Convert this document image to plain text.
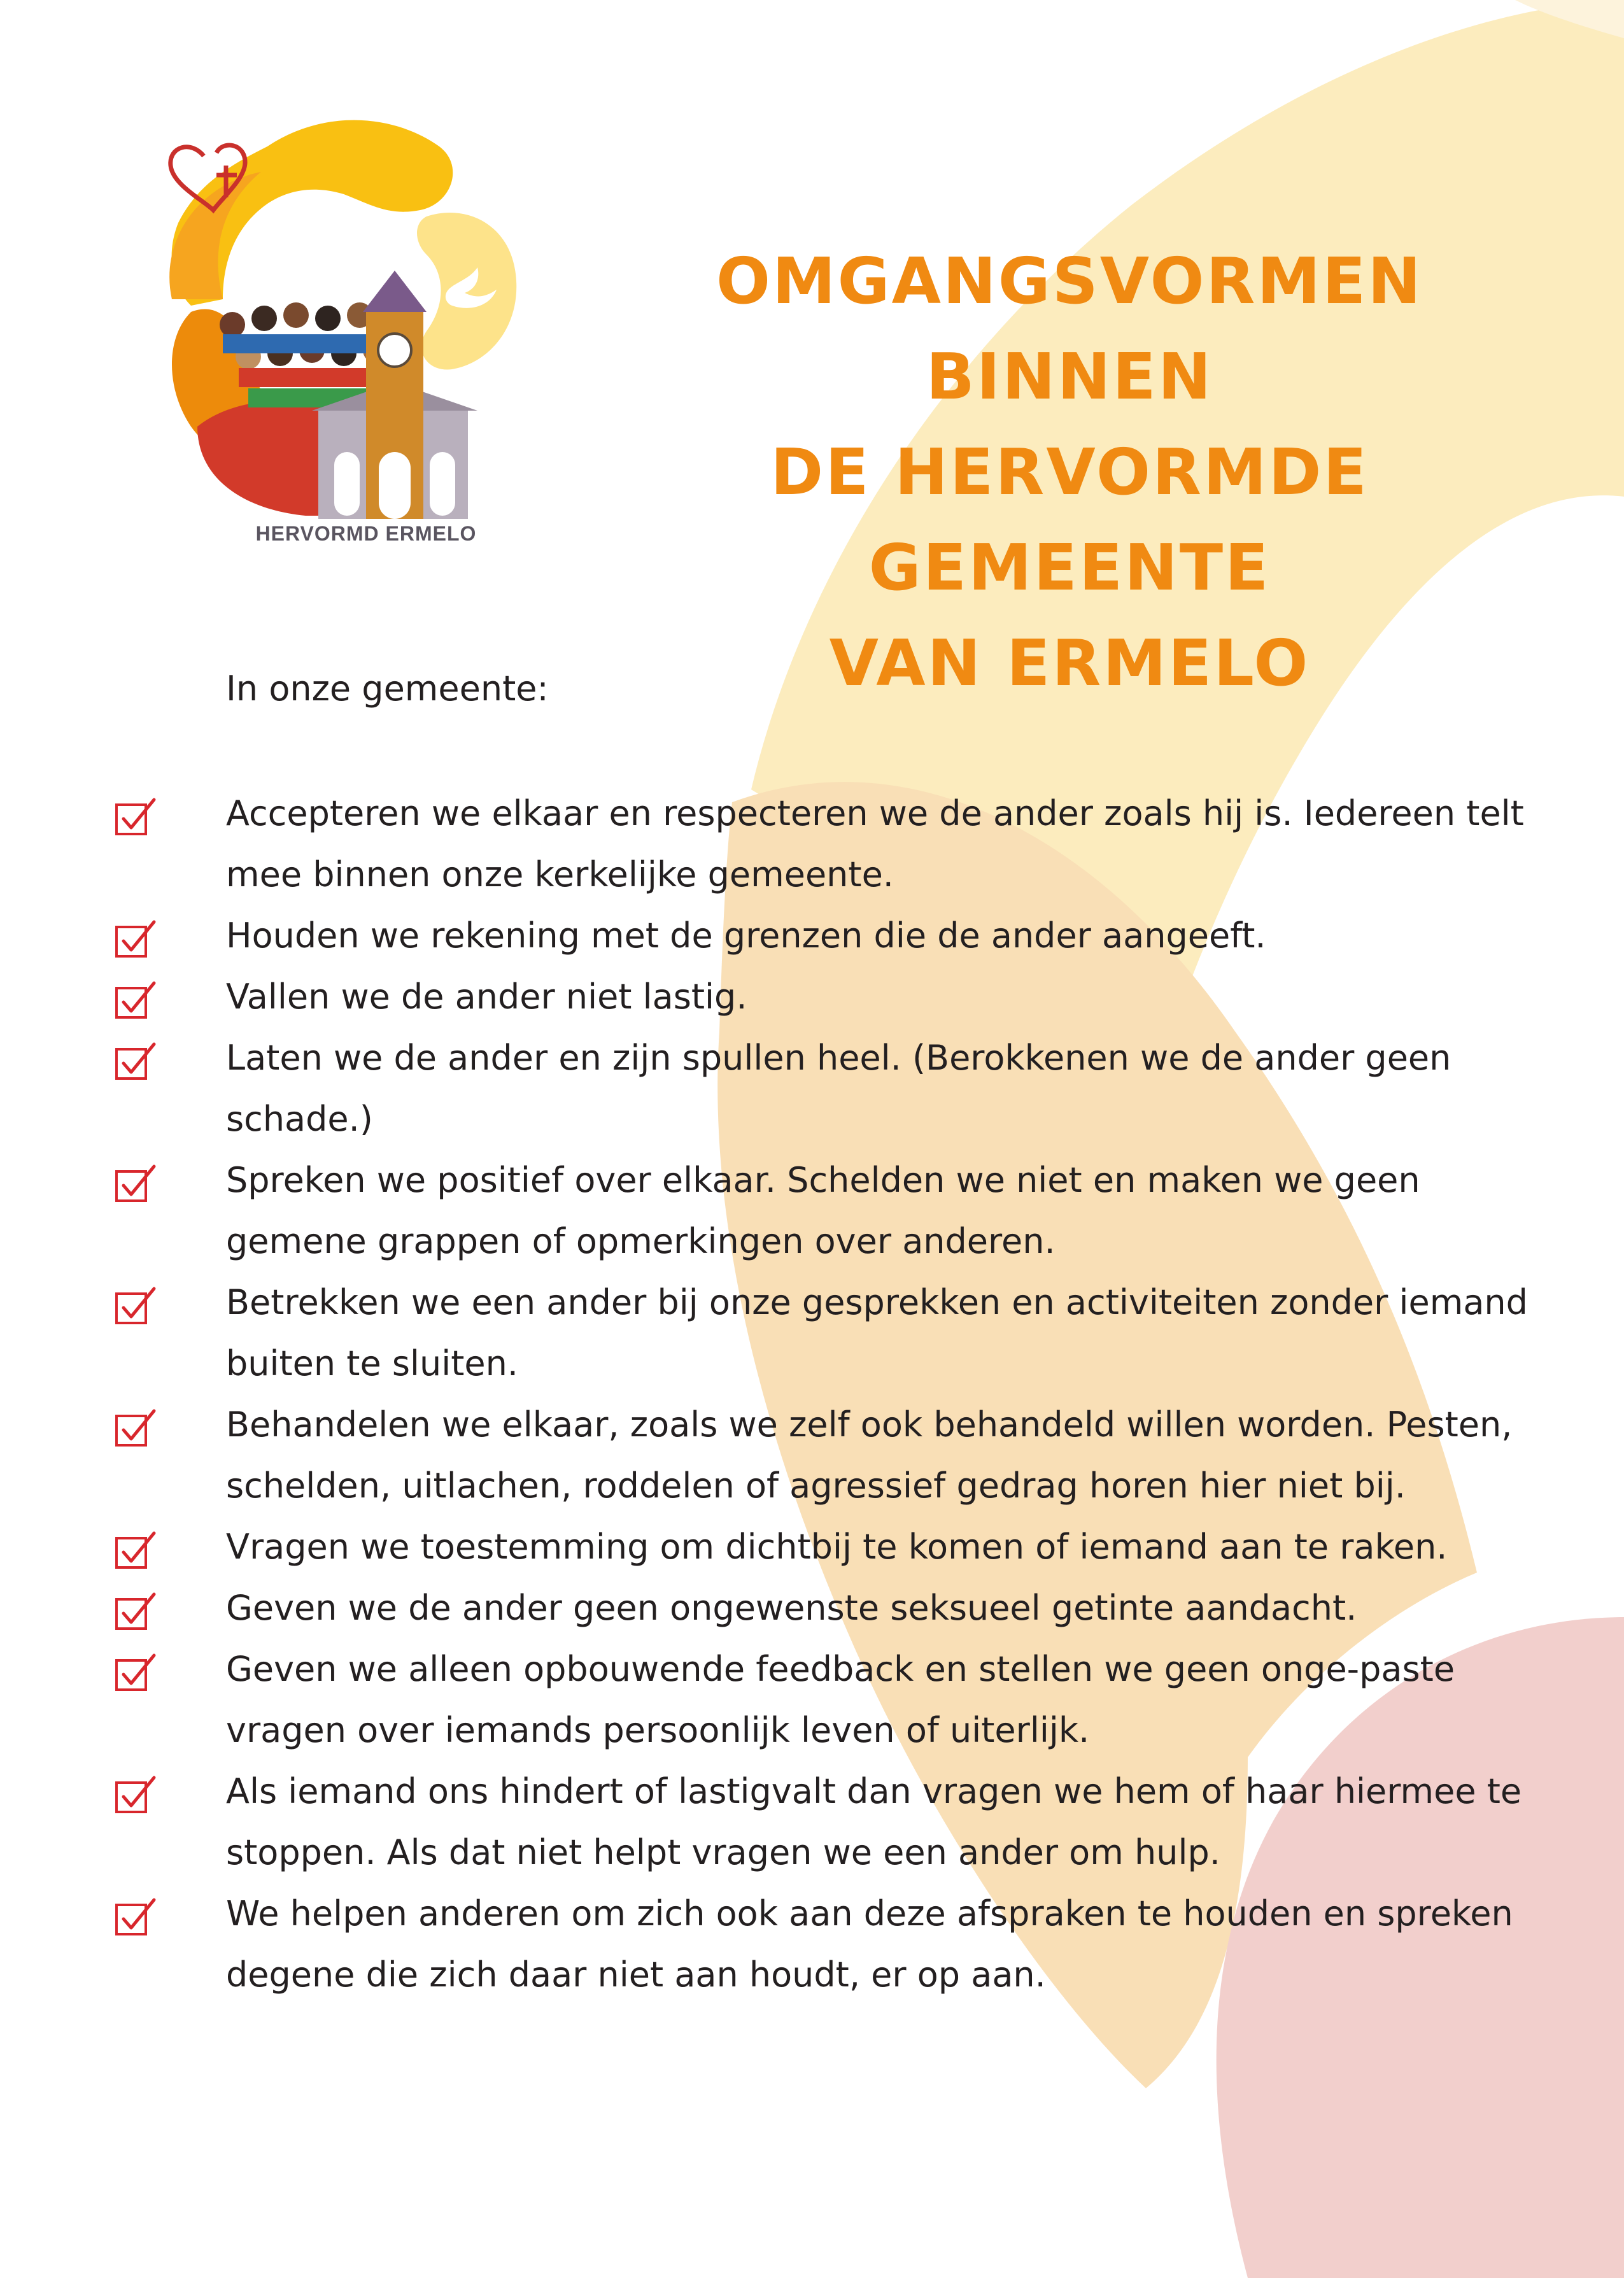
HERVORMD ERMELO
OMGANGSVORMEN BINNEN
DE HERVORMDE GEMEENTE
VAN ERMELO
In onze gemeente:
Accepteren we elkaar en respecteren we de ander zoals hij is. Iedereen telt mee binnen onze kerkelijke gemeente.
Houden we rekening met de grenzen die de ander aangeeft.
Vallen we de ander niet lastig.
Laten we de ander en zijn spullen heel. (Berokkenen we de ander geen schade.)
Spreken we positief over elkaar. Schelden we niet en maken we geen gemene grappen of opmerkingen over anderen.
Betrekken we een ander bij onze gesprekken en activiteiten zonder iemand buiten te sluiten.
Behandelen we elkaar, zoals we zelf ook behandeld willen worden. Pesten, schelden, uitlachen, roddelen of agressief gedrag horen hier niet bij.
Vragen we toestemming om dichtbij te komen of iemand aan te raken.
Geven we de ander geen ongewenste seksueel getinte aandacht.
Geven we alleen opbouwende feedback en stellen we geen onge-paste vragen over iemands persoonlijk leven of uiterlijk.
Als iemand ons hindert of lastigvalt dan vragen we hem of haar hiermee te stoppen. Als dat niet helpt vragen we een ander om hulp.
We helpen anderen om zich ook aan deze afspraken te houden en spreken degene die zich daar niet aan houdt, er op aan.
